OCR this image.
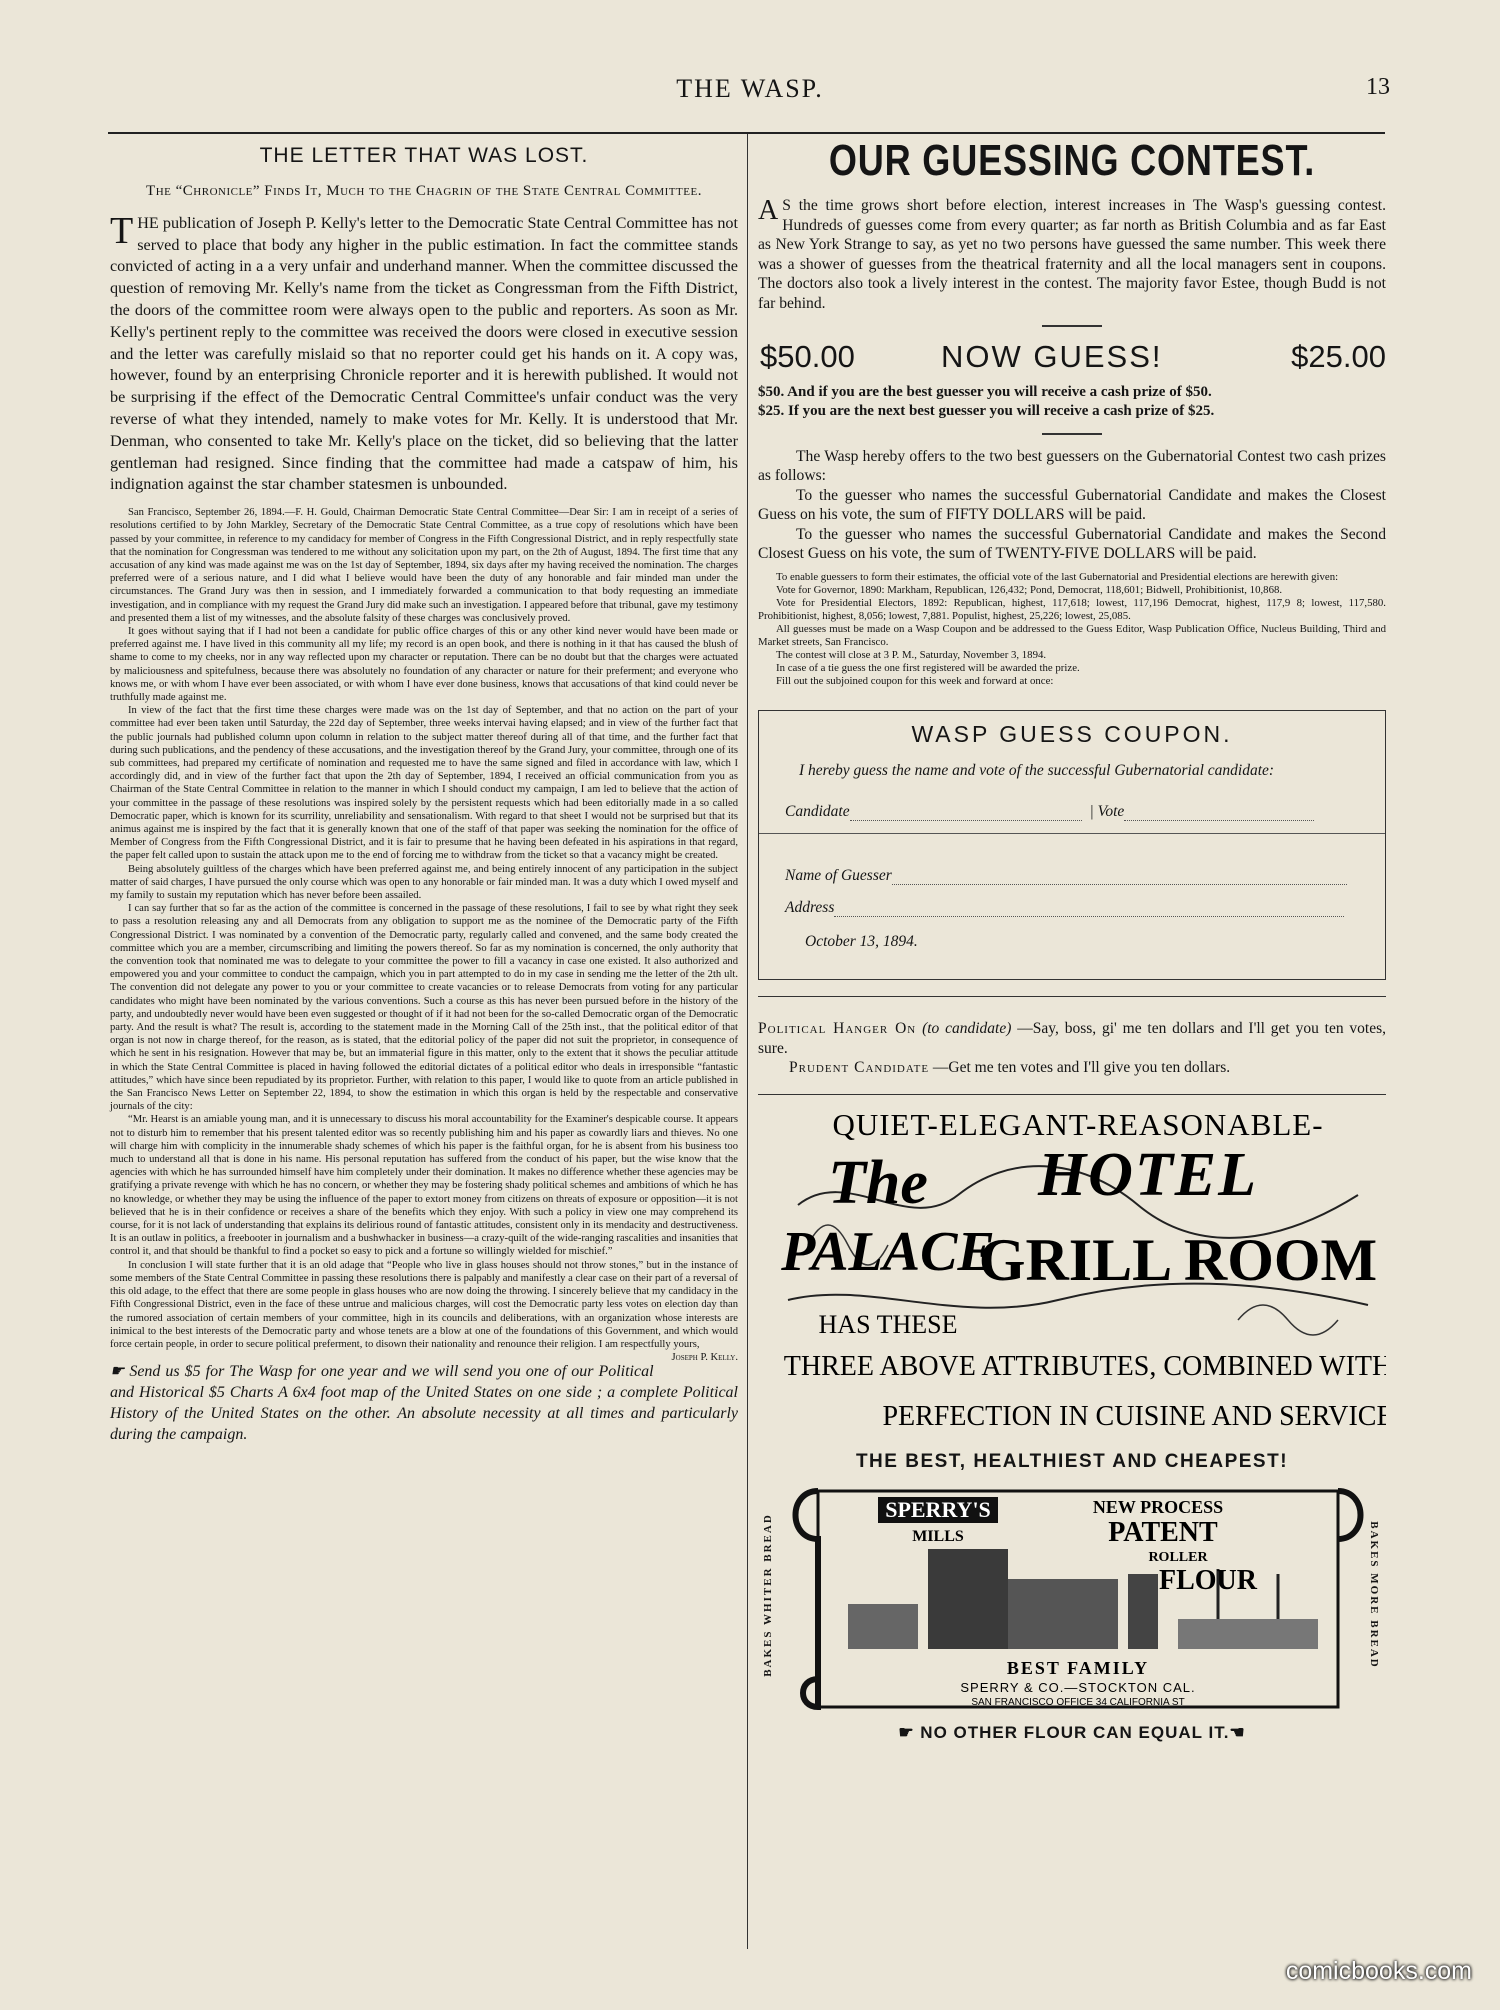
THE WASP.	13
THE LETTER THAT WAS LOST.
The “Chronicle” Finds It, Much to the Chagrin of the State Central Committee.

T HE publication of Joseph P. Kelly's letter to the Democratic State Central Committee has not served to place that body any higher in the public estimation. In fact the committee stands convicted of acting in a a very unfair and underhand manner. When the committee discussed the question of removing Mr. Kelly's name from the ticket as Congressman from the Fifth District, the doors of the committee room were always open to the public and reporters. As soon as Mr. Kelly's pertinent reply to the committee was received the doors were closed in executive session and the letter was carefully mislaid so that no reporter could get his hands on it. A copy was, however, found by an enterprising Chronicle reporter and it is herewith published. It would not be surprising if the effect of the Democratic Central Committee's unfair conduct was the very reverse of what they intended, namely to make votes for Mr. Kelly. It is understood that Mr. Denman, who consented to take Mr. Kelly's place on the ticket, did so believing that the latter gentleman had resigned. Since finding that the committee had made a catspaw of him, his indignation against the star chamber statesmen is unbounded.

San Francisco, September 26, 1894.—F. H. Gould, Chairman Democratic State Central Committee—Dear Sir: I am in receipt of a series of resolutions certified to by John Markley, Secretary of the Democratic State Central Committee, as a true copy of resolutions which have been passed by your committee, in reference to my candidacy for member of Congress in the Fifth Congressional District, and in reply respectfully state that the nomination for Congressman was tendered to me without any solicitation upon my part, on the 2th of August, 1894. The first time that any accusation of any kind was made against me was on the 1st day of September, 1894, six days after my having received the nomination. The charges preferred were of a serious nature, and I did what I believe would have been the duty of any honorable and fair minded man under the circumstances. The Grand Jury was then in session, and I immediately forwarded a communication to that body requesting an immediate investigation, and in compliance with my request the Grand Jury did make such an investigation. I appeared before that tribunal, gave my testimony and presented them a list of my witnesses, and the absolute falsity of these charges was conclusively proved.

It goes without saying that if I had not been a candidate for public office charges of this or any other kind never would have been made or preferred against me. I have lived in this community all my life; my record is an open book, and there is nothing in it that has caused the blush of shame to come to my cheeks, nor in any way reflected upon my character or reputation. There can be no doubt but that the charges were actuated by maliciousness and spitefulness, because there was absolutely no foundation of any character or nature for their preferment; and everyone who knows me, or with whom I have ever been associated, or with whom I have ever done business, knows that accusations of that kind could never be truthfully made against me.

In view of the fact that the first time these charges were made was on the 1st day of September, and that no action on the part of your committee had ever been taken until Saturday, the 22d day of September, three weeks intervai having elapsed; and in view of the further fact that the public journals had published column upon column in relation to the subject matter thereof during all of that time, and the further fact that during such publications, and the pendency of these accusations, and the investigation thereof by the Grand Jury, your committee, through one of its sub committees, had prepared my certificate of nomination and requested me to have the same signed and filed in accordance with law, which I accordingly did, and in view of the further fact that upon the 2th day of September, 1894, I received an official communication from you as Chairman of the State Central Committee in relation to the manner in which I should conduct my campaign, I am led to believe that the action of your committee in the passage of these resolutions was inspired solely by the persistent requests which had been editorially made in a so called Democratic paper, which is known for its scurrility, unreliability and sensationalism. With regard to that sheet I would not be surprised but that its animus against me is inspired by the fact that it is generally known that one of the staff of that paper was seeking the nomination for the office of Member of Congress from the Fifth Congressional District, and it is fair to presume that he having been defeated in his aspirations in that regard, the paper felt called upon to sustain the attack upon me to the end of forcing me to withdraw from the ticket so that a vacancy might be created.

Being absolutely guiltless of the charges which have been preferred against me, and being entirely innocent of any participation in the subject matter of said charges, I have pursued the only course which was open to any honorable or fair minded man. It was a duty which I owed myself and my family to sustain my reputation which has never before been assailed.

I can say further that so far as the action of the committee is concerned in the passage of these resolutions, I fail to see by what right they seek to pass a resolution releasing any and all Democrats from any obligation to support me as the nominee of the Democratic party of the Fifth Congressional District. I was nominated by a convention of the Democratic party, regularly called and convened, and the same body created the committee which you are a member, circumscribing and limiting the powers thereof. So far as my nomination is concerned, the only authority that the convention took that nominated me was to delegate to your committee the power to fill a vacancy in case one existed. It also authorized and empowered you and your committee to conduct the campaign, which you in part attempted to do in my case in sending me the letter of the 2th ult. The convention did not delegate any power to you or your committee to create vacancies or to release Democrats from voting for any particular candidates who might have been nominated by the various conventions. Such a course as this has never been pursued before in the history of the party, and undoubtedly never would have been even suggested or thought of if it had not been for the so-called Democratic organ of the Democratic party. And the result is what? The result is, according to the statement made in the Morning Call of the 25th inst., that the political editor of that organ is not now in charge thereof, for the reason, as is stated, that the editorial policy of the paper did not suit the proprietor, in consequence of which he sent in his resignation. However that may be, but an immaterial figure in this matter, only to the extent that it shows the peculiar attitude in which the State Central Committee is placed in having followed the editorial dictates of a political editor who deals in irresponsible “fantastic attitudes,” which have since been repudiated by its proprietor. Further, with relation to this paper, I would like to quote from an article published in the San Francisco News Letter on September 22, 1894, to show the estimation in which this organ is held by the respectable and conservative journals of the city:

“Mr. Hearst is an amiable young man, and it is unnecessary to discuss his moral accountability for the Examiner's despicable course. It appears not to disturb him to remember that his present talented editor was so recently publishing him and his paper as cowardly liars and thieves. No one will charge him with complicity in the innumerable shady schemes of which his paper is the faithful organ, for he is absent from his business too much to understand all that is done in his name. His personal reputation has suffered from the conduct of his paper, but the wise know that the agencies with which he has surrounded himself have him completely under their domination. It makes no difference whether these agencies may be gratifying a private revenge with which he has no concern, or whether they may be fostering shady political schemes and ambitions of which he has no knowledge, or whether they may be using the influence of the paper to extort money from citizens on threats of exposure or opposition—it is not believed that he is in their confidence or receives a share of the benefits which they enjoy. With such a policy in view one may comprehend its course, for it is not lack of understanding that explains its delirious round of fantastic attitudes, consistent only in its mendacity and destructiveness. It is an outlaw in politics, a freebooter in journalism and a bushwhacker in business—a crazy-quilt of the wide-ranging rascalities and insanities that control it, and that should be thankful to find a pocket so easy to pick and a fortune so willingly wielded for mischief.”

In conclusion I will state further that it is an old adage that “People who live in glass houses should not throw stones,” but in the instance of some members of the State Central Committee in passing these resolutions there is palpably and manifestly a clear case on their part of a reversal of this old adage, to the effect that there are some people in glass houses who are now doing the throwing. I sincerely believe that my candidacy in the Fifth Congressional District, even in the face of these untrue and malicious charges, will cost the Democratic party less votes on election day than the rumored association of certain members of your committee, high in its councils and deliberations, with an organization whose interests are inimical to the best interests of the Democratic party and whose tenets are a blow at one of the foundations of this Government, and which would force certain people, in order to secure political preferment, to disown their nationality and renounce their religion. I am respectfully yours,
Joseph P. Kelly.

☛ Send us $5 for The Wasp for one year and we will send you one of our Political and Historical $5 Charts A 6x4 foot map of the United States on one side ; a complete Political History of the United States on the other. An absolute necessity at all times and particularly during the campaign.
OUR GUESSING CONTEST.
A S the time grows short before election, interest increases in The Wasp's guessing contest. Hundreds of guesses come from every quarter; as far north as British Columbia and as far East as New York Strange to say, as yet no two persons have guessed the same number. This week there was a shower of guesses from the theatrical fraternity and all the local managers sent in coupons. The doctors also took a lively interest in the contest. The majority favor Estee, though Budd is not far behind.
$50.00	NOW GUESS!	$25.00
$50. And if you are the best guesser you will receive a cash prize of $50.
$25. If you are the next best guesser you will receive a cash prize of $25.

The Wasp hereby offers to the two best guessers on the Gubernatorial Contest two cash prizes as follows:

To the guesser who names the successful Gubernatorial Candidate and makes the Closest Guess on his vote, the sum of FIFTY DOLLARS will be paid.

To the guesser who names the successful Gubernatorial Candidate and makes the Second Closest Guess on his vote, the sum of TWENTY-FIVE DOLLARS will be paid.

To enable guessers to form their estimates, the official vote of the last Gubernatorial and Presidential elections are herewith given:

Vote for Governor, 1890: Markham, Republican, 126,432; Pond, Democrat, 118,601; Bidwell, Prohibitionist, 10,868.

Vote for Presidential Electors, 1892: Republican, highest, 117,618; lowest, 117,196 Democrat, highest, 117,9 8; lowest, 117,580. Prohibitionist, highest, 8,056; lowest, 7,881. Populist, highest, 25,226; lowest, 25,085.

All guesses must be made on a Wasp Coupon and be addressed to the Guess Editor, Wasp Publication Office, Nucleus Building, Third and Market streets, San Francisco.

The contest will close at 3 P. M., Saturday, November 3, 1894.

In case of a tie guess the one first registered will be awarded the prize.

Fill out the subjoined coupon for this week and forward at once:

WASP GUESS COUPON.
I hereby guess the name and vote of the successful Gubernatorial candidate:
Candidate	| Vote
Name of Guesser
Address
October 13, 1894.
Political Hanger On (to candidate) —Say, boss, gi' me ten dollars and I'll get you ten votes, sure.
Prudent Candidate —Get me ten votes and I'll give you ten dollars.
QUIET-ELEGANT-REASONABLE-
The HOTEL
PALACE
GRILL ROOM
HAS THESE
THREE ABOVE ATTRIBUTES, COMBINED WITH
PERFECTION IN CUISINE AND SERVICE
THE BEST, HEALTHIEST AND CHEAPEST!
BAKES WHITER BREAD	BAKES MORE BREAD
SPERRY'S
MILLS
NEW PROCESS
PATENT
ROLLER
FLOUR
BEST FAMILY
SPERRY & CO.—STOCKTON CAL.
SAN FRANCISCO OFFICE 34 CALIFORNIA ST
☛ NO OTHER FLOUR CAN EQUAL IT.☚
comicbooks.com
